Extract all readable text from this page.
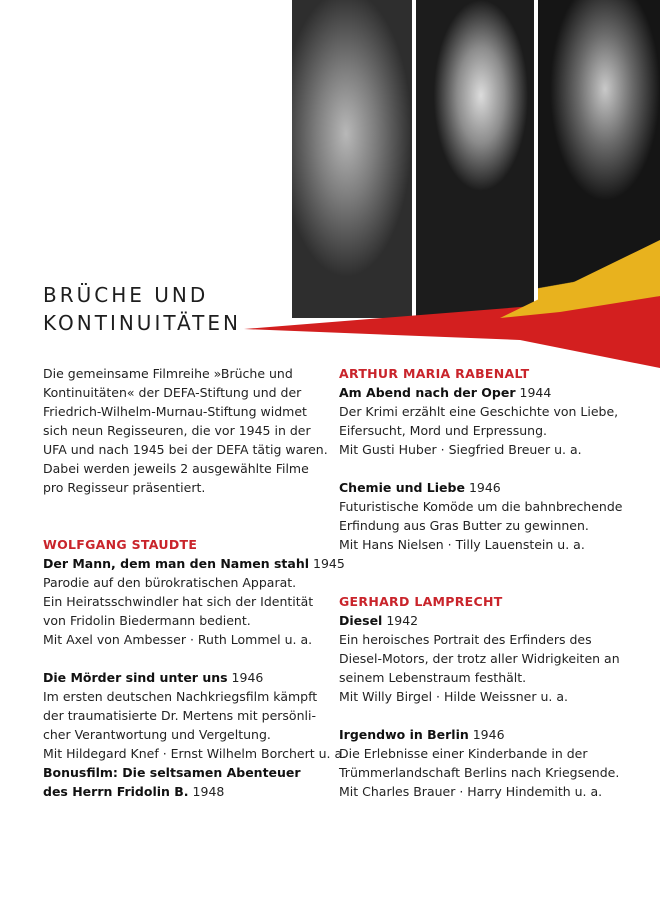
BRÜCHE UND
KONTINUITÄTEN

Die gemeinsame Filmreihe »Brüche und

Kontinuitäten« der DEFA-Stiftung und der

Friedrich-Wilhelm-Murnau-Stiftung widmet

sich neun Regisseuren, die vor 1945 in der

UFA und nach 1945 bei der DEFA tätig waren.

Dabei werden jeweils 2 ausgewählte Filme

pro Regisseur präsentiert.

WOLFGANG STAUDTE

Der Mann, dem man den Namen stahl 1945

Parodie auf den bürokratischen Apparat.

Ein Heiratsschwindler hat sich der Identität

von Fridolin Biedermann bedient.

Mit Axel von Ambesser · Ruth Lommel u. a.

Die Mörder sind unter uns 1946

Im ersten deutschen Nachkriegsfilm kämpft

der traumatisierte Dr. Mertens mit persönli-

cher Verantwortung und Vergeltung.

Mit Hildegard Knef · Ernst Wilhelm Borchert u. a.

Bonusfilm: Die seltsamen Abenteuer

des Herrn Fridolin B. 1948

ARTHUR MARIA RABENALT

Am Abend nach der Oper 1944

Der Krimi erzählt eine Geschichte von Liebe,

Eifersucht, Mord und Erpressung.

Mit Gusti Huber · Siegfried Breuer u. a.

Chemie und Liebe 1946

Futuristische Komöde um die bahnbrechende

Erfindung aus Gras Butter zu gewinnen.

Mit Hans Nielsen · Tilly Lauenstein u. a.

GERHARD LAMPRECHT

Diesel 1942

Ein heroisches Portrait des Erfinders des

Diesel-Motors, der trotz aller Widrigkeiten an

seinem Lebenstraum festhält.

Mit Willy Birgel · Hilde Weissner u. a.

Irgendwo in Berlin 1946

Die Erlebnisse einer Kinderbande in der

Trümmerlandschaft Berlins nach Kriegsende.

Mit Charles Brauer · Harry Hindemith u. a.
